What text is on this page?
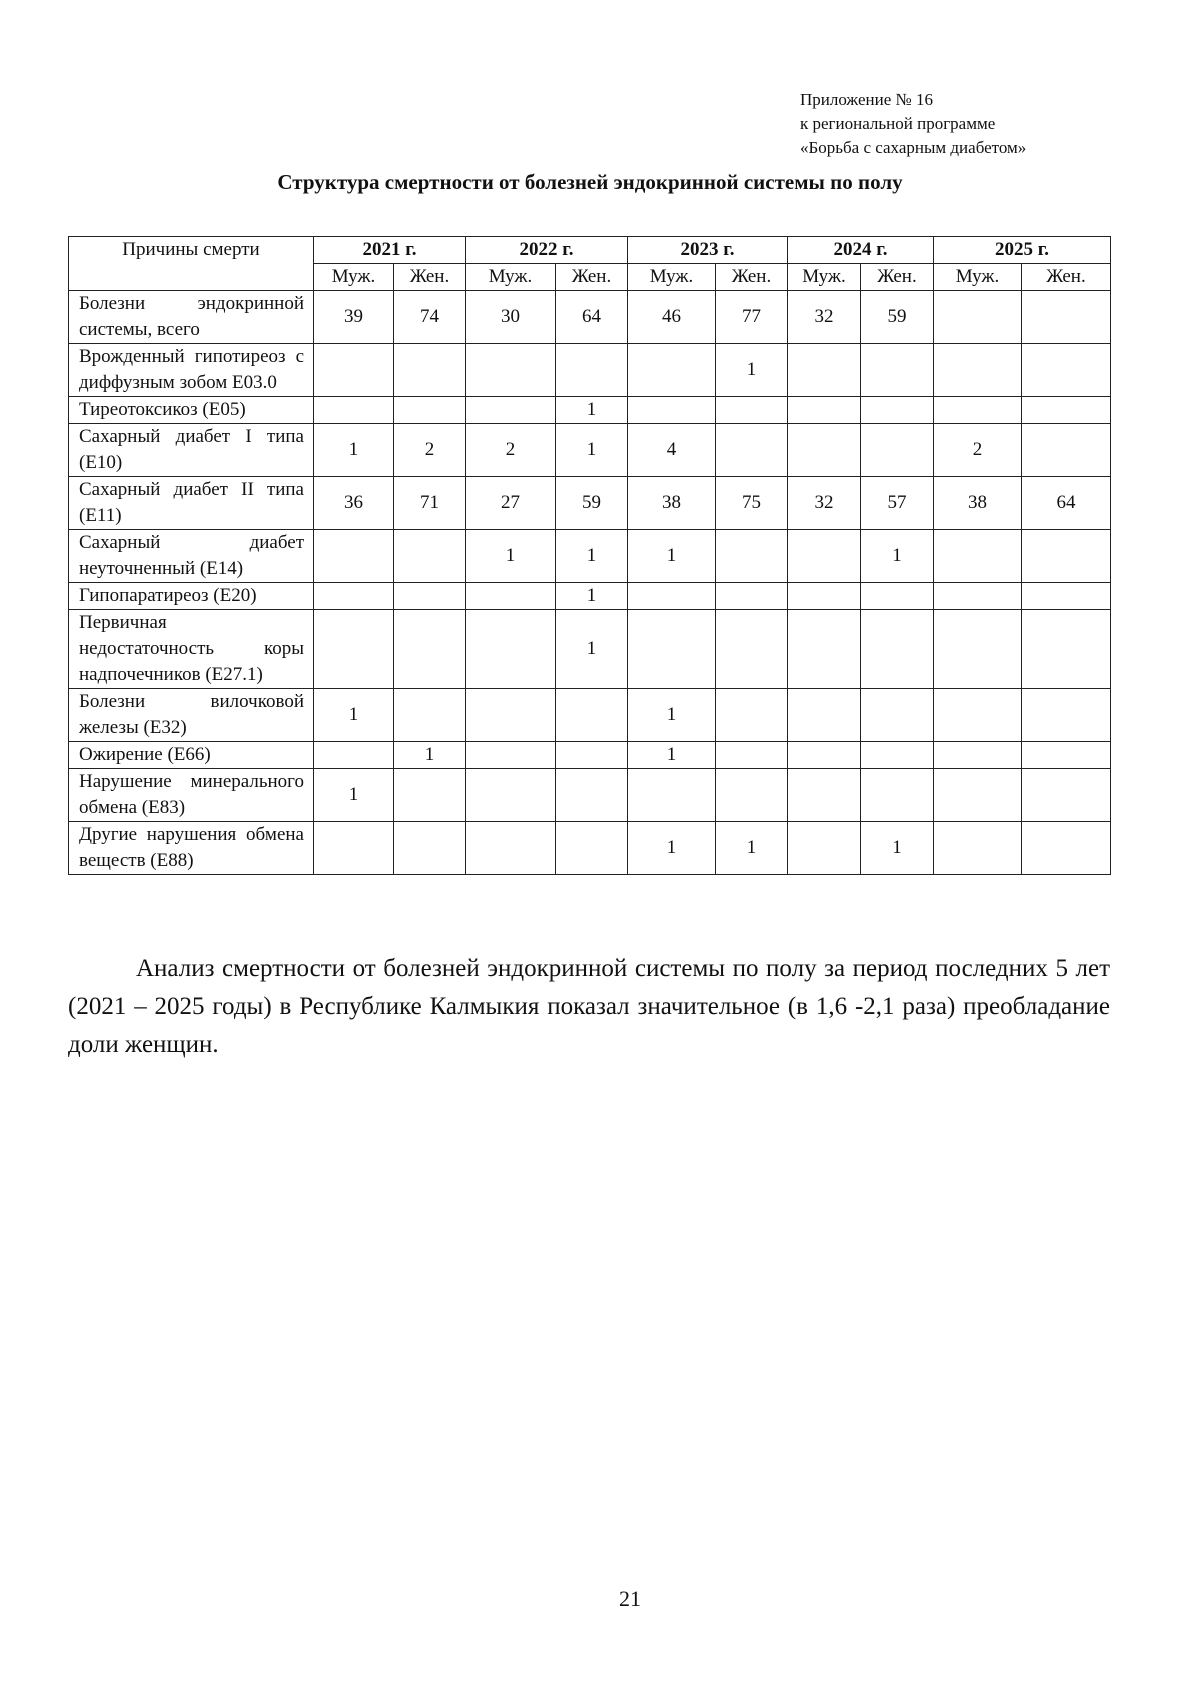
Приложение № 16
к региональной программе
«Борьба с сахарным диабетом»
Структура смертности от болезней эндокринной системы по полу
Причины смерти	2021 г.		2022 г.		2023 г.		2024 г.		2025 г.	
	Муж.	Жен.	Муж.	Жен.	Муж.	Жен.	Муж.	Жен.	Муж.	Жен.
Болезни эндокринной системы, всего	39	74	30	64	46	77	32	59		
Врожденный гипотиреоз с диффузным зобом Е03.0						1				
Тиреотоксикоз (Е05)				1						
Сахарный диабет I типа (Е10)	1	2	2	1	4				2	
Сахарный диабет II типа (Е11)	36	71	27	59	38	75	32	57	38	64
Сахарный диабет неуточненный (Е14)			1	1	1			1		
Гипопаратиреоз (Е20)				1						
Первичная недостаточность коры надпочечников (Е27.1)				1						
Болезни вилочковой железы (Е32)	1				1					
Ожирение (Е66)		1			1					
Нарушение минерального обмена (Е83)	1									
Другие нарушения обмена веществ (Е88)					1	1		1		
Анализ смертности от болезней эндокринной системы по полу за период последних 5 лет (2021 – 2025 годы) в Республике Калмыкия показал значительное (в 1,6 -2,1 раза) преобладание доли женщин.
21
